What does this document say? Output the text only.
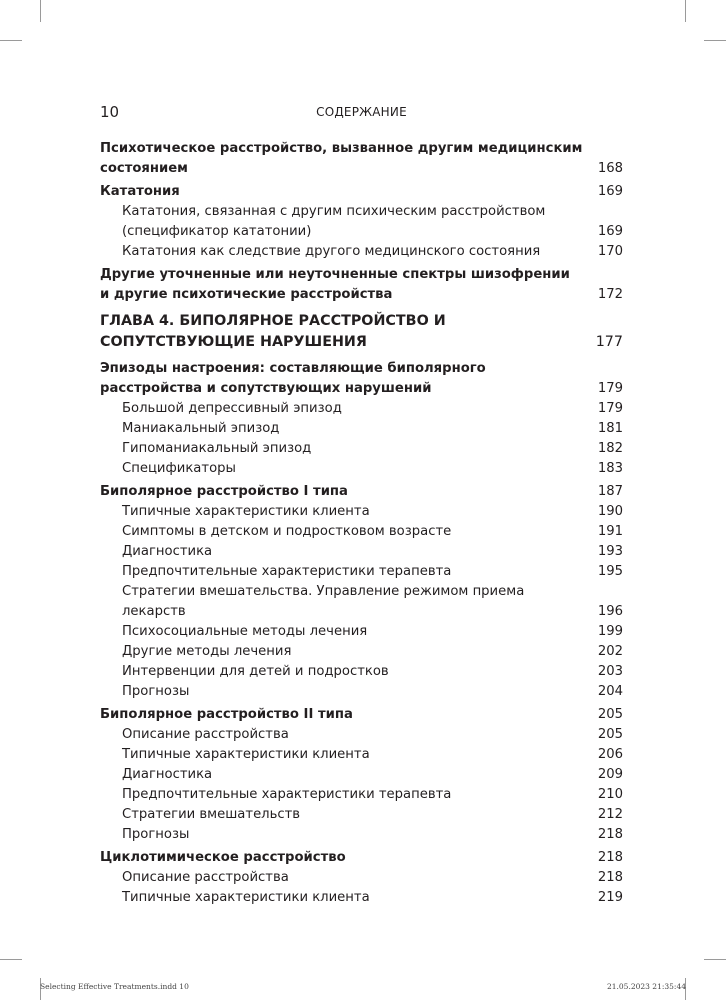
10	СОДЕРЖАНИЕ
Психотическое расстройство, вызванное другим медицинским состоянием	168
Кататония	169
Кататония, связанная с другим психическим расстройством (спецификатор кататонии)	169
Кататония как следствие другого медицинского состояния	170
Другие уточненные или неуточненные спектры шизофрении и другие психотические расстройства	172
ГЛАВА 4. БИПОЛЯРНОЕ РАССТРОЙСТВО И СОПУТСТВУЮЩИЕ НАРУШЕНИЯ	177
Эпизоды настроения: составляющие биполярного расстройства и сопутствующих нарушений	179
Большой депрессивный эпизод	179
Маниакальный эпизод	181
Гипоманиакальный эпизод	182
Спецификаторы	183
Биполярное расстройство I типа	187
Типичные характеристики клиента	190
Симптомы в детском и подростковом возрасте	191
Диагностика	193
Предпочтительные характеристики терапевта	195
Стратегии вмешательства. Управление режимом приема лекарств	196
Психосоциальные методы лечения	199
Другие методы лечения	202
Интервенции для детей и подростков	203
Прогнозы	204
Биполярное расстройство II типа	205
Описание расстройства	205
Типичные характеристики клиента	206
Диагностика	209
Предпочтительные характеристики терапевта	210
Стратегии вмешательств	212
Прогнозы	218
Циклотимическое расстройство	218
Описание расстройства	218
Типичные характеристики клиента	219
Selecting Effective Treatments.indd 10	21.05.2023 21:35:44
